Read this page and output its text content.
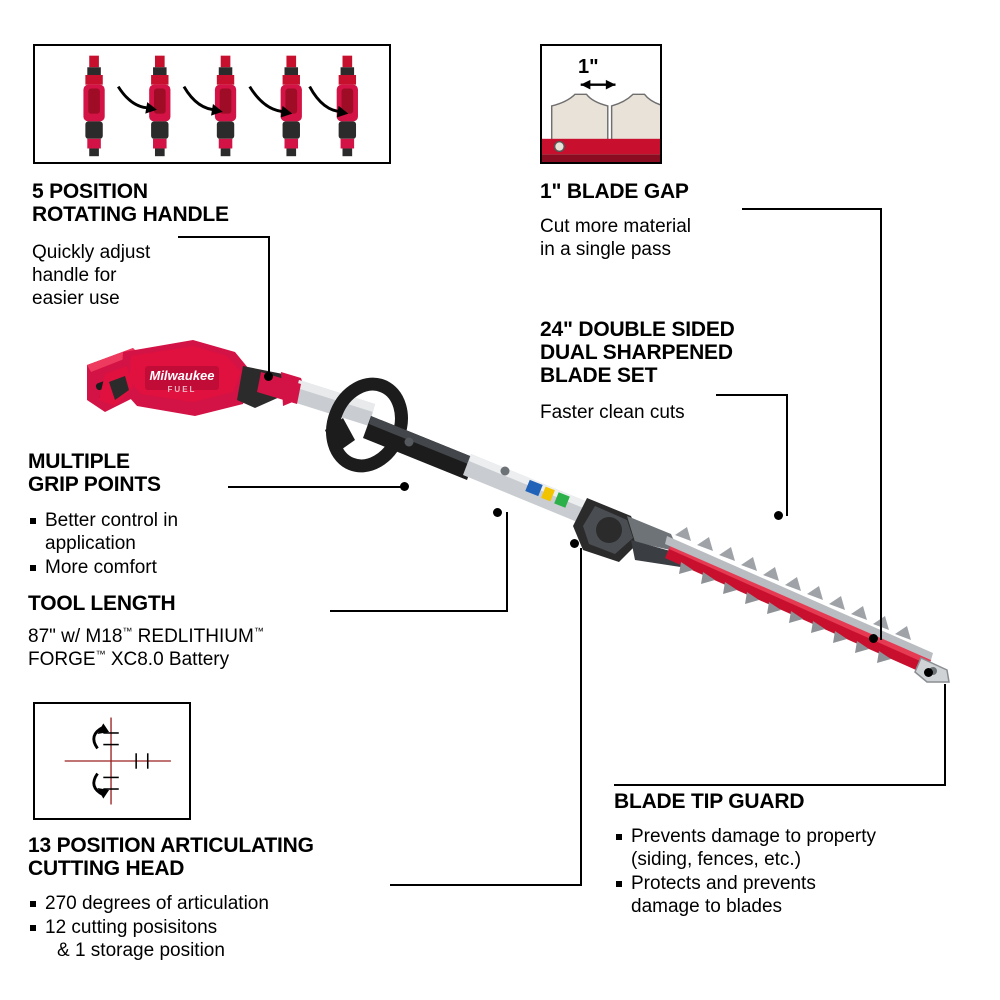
1"
Milwaukee
FUEL
5 POSITION
ROTATING HANDLE
Quickly adjust
handle for
easier use
MULTIPLE
GRIP POINTS
Better control in
application
More comfort
TOOL LENGTH
87" w/ M18™ REDLITHIUM™
FORGE™ XC8.0 Battery
13 POSITION ARTICULATING
CUTTING HEAD
270 degrees of articulation
12 cutting posisitons
& 1 storage position
1" BLADE GAP
Cut more material
in a single pass
24" DOUBLE SIDED
DUAL SHARPENED
BLADE SET
Faster clean cuts
BLADE TIP GUARD
Prevents damage to property
(siding, fences, etc.)
Protects and prevents
damage to blades
